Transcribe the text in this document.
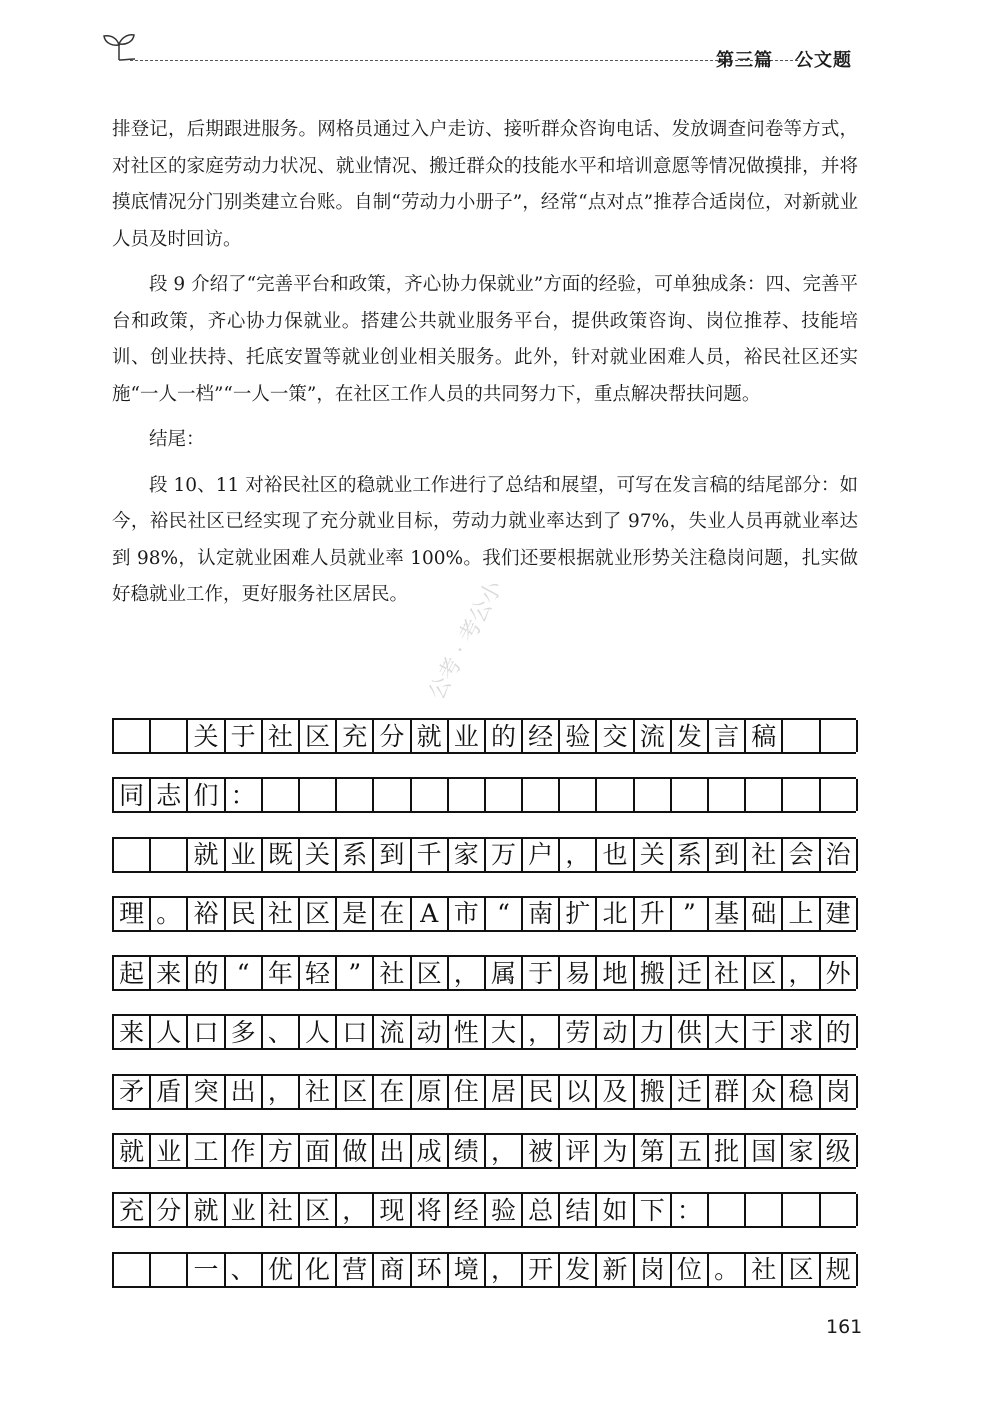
第三篇 公文题

排登记，后期跟进服务。网格员通过入户走访、接听群众咨询电话、发放调查问卷等方式，对社区的家庭劳动力状况、就业情况、搬迁群众的技能水平和培训意愿等情况做摸排，并将摸底情况分门别类建立台账。自制“劳动力小册子”，经常“点对点”推荐合适岗位，对新就业人员及时回访。

段 9 介绍了“完善平台和政策，齐心协力保就业”方面的经验，可单独成条：四、完善平台和政策，齐心协力保就业。搭建公共就业服务平台，提供政策咨询、岗位推荐、技能培训、创业扶持、托底安置等就业创业相关服务。此外，针对就业困难人员，裕民社区还实施“一人一档”“一人一策”，在社区工作人员的共同努力下，重点解决帮扶问题。

结尾：

段 10、11 对裕民社区的稳就业工作进行了总结和展望，可写在发言稿的结尾部分：如今，裕民社区已经实现了充分就业目标，劳动力就业率达到了 97%，失业人员再就业率达到 98%，认定就业困难人员就业率 100%。我们还要根据就业形势关注稳岗问题，扎实做好稳就业工作，更好服务社区居民。 公考 · 考公小
关 于 社 区 充 分 就 业 的 经 验 交 流 发 言 稿
同 志 们 ：
就 业 既 关 系 到 千 家 万 户 ， 也 关 系 到 社 会 治
理 。 裕 民 社 区 是 在 A 市 “ 南 扩 北 升 ” 基 础 上 建
起 来 的 “ 年 轻 ” 社 区 ， 属 于 易 地 搬 迁 社 区 ， 外
来 人 口 多 、 人 口 流 动 性 大 ， 劳 动 力 供 大 于 求 的
矛 盾 突 出 ， 社 区 在 原 住 居 民 以 及 搬 迁 群 众 稳 岗
就 业 工 作 方 面 做 出 成 绩 ， 被 评 为 第 五 批 国 家 级
充 分 就 业 社 区 ， 现 将 经 验 总 结 如 下 ：
一 、 优 化 营 商 环 境 ， 开 发 新 岗 位 。 社 区 规
161
